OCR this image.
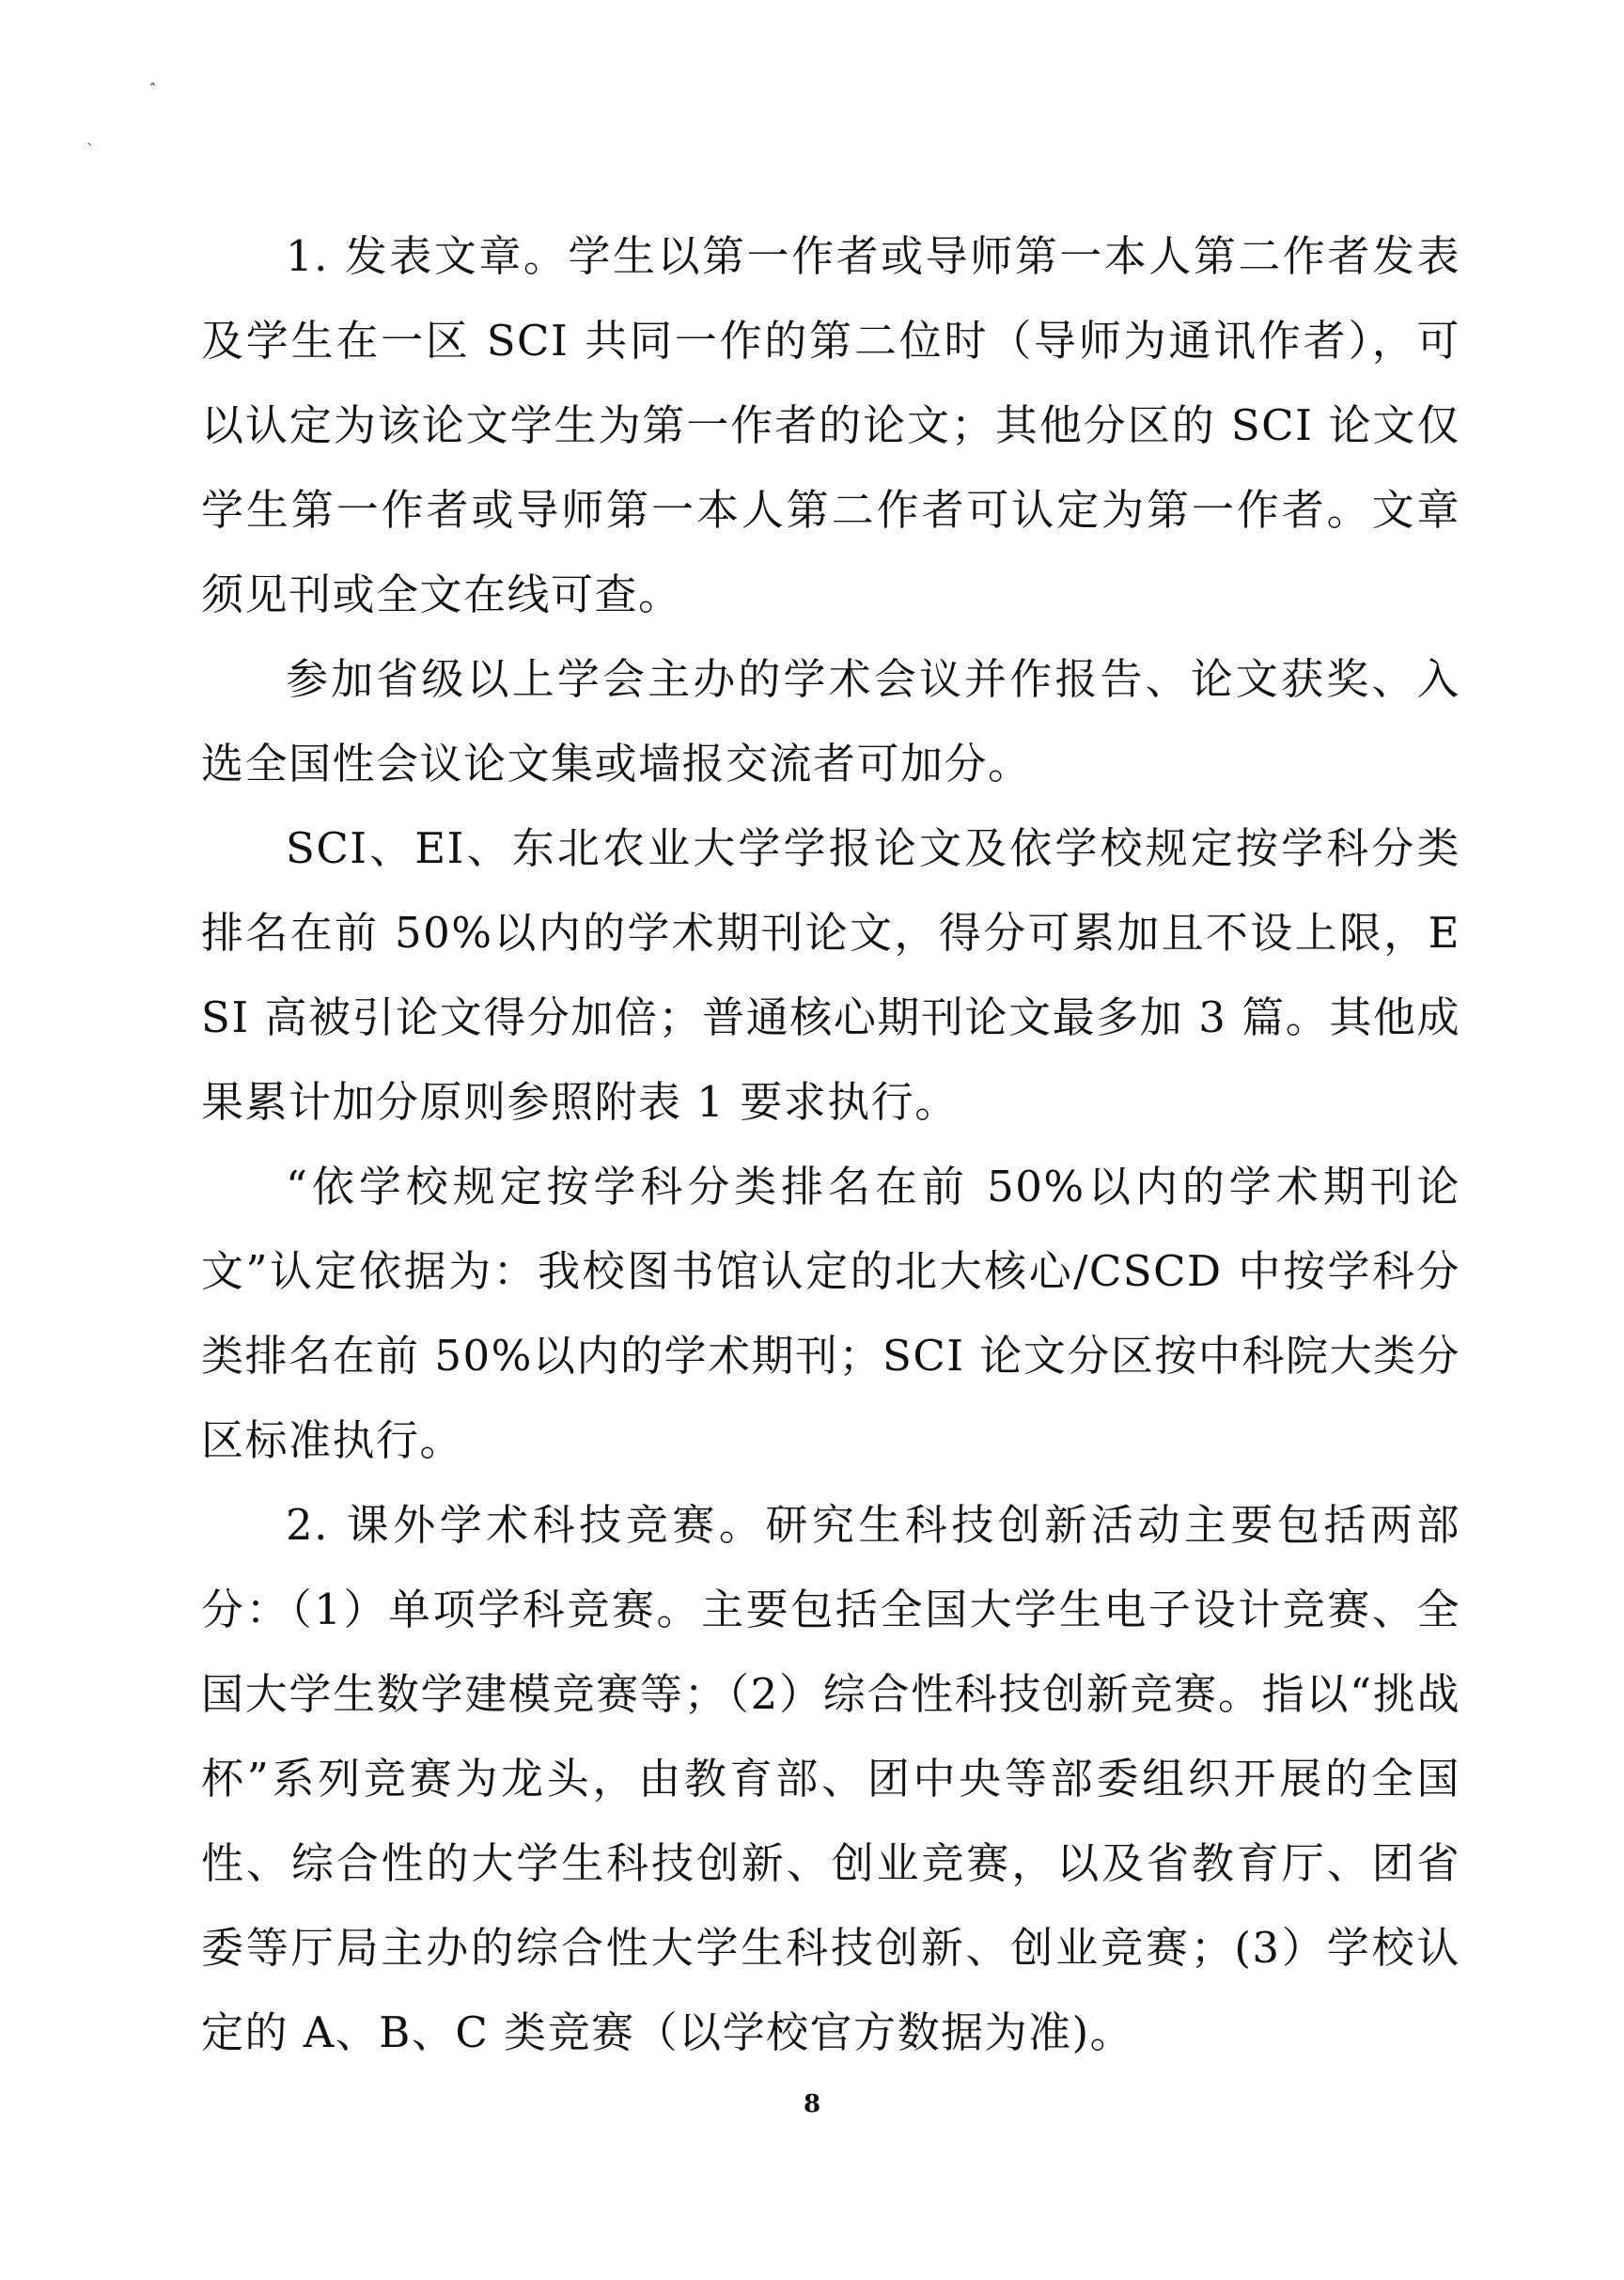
ˆ
ˋ

1. 发表文章。学生以第一作者或导师第一本人第二作者发表及学生在一区 SCI 共同一作的第二位时（导师为通讯作者），可以认定为该论文学生为第一作者的论文；其他分区的 SCI 论文仅学生第一作者或导师第一本人第二作者可认定为第一作者。文章须见刊或全文在线可查。

参加省级以上学会主办的学术会议并作报告、论文获奖、入选全国性会议论文集或墙报交流者可加分。

SCI、EI、东北农业大学学报论文及依学校规定按学科分类排名在前 50%以内的学术期刊论文，得分可累加且不设上限，ESI 高被引论文得分加倍；普通核心期刊论文最多加 3 篇。其他成果累计加分原则参照附表 1 要求执行。

“依学校规定按学科分类排名在前 50%以内的学术期刊论文”认定依据为：我校图书馆认定的北大核心/CSCD 中按学科分类排名在前 50%以内的学术期刊；SCI 论文分区按中科院大类分区标准执行。

2. 课外学术科技竞赛。研究生科技创新活动主要包括两部分：（1）单项学科竞赛。主要包括全国大学生电子设计竞赛、全国大学生数学建模竞赛等；（2）综合性科技创新竞赛。指以“挑战杯”系列竞赛为龙头，由教育部、团中央等部委组织开展的全国性、综合性的大学生科技创新、创业竞赛，以及省教育厅、团省委等厅局主办的综合性大学生科技创新、创业竞赛；(3）学校认定的 A、B、C 类竞赛（以学校官方数据为准)。

8
